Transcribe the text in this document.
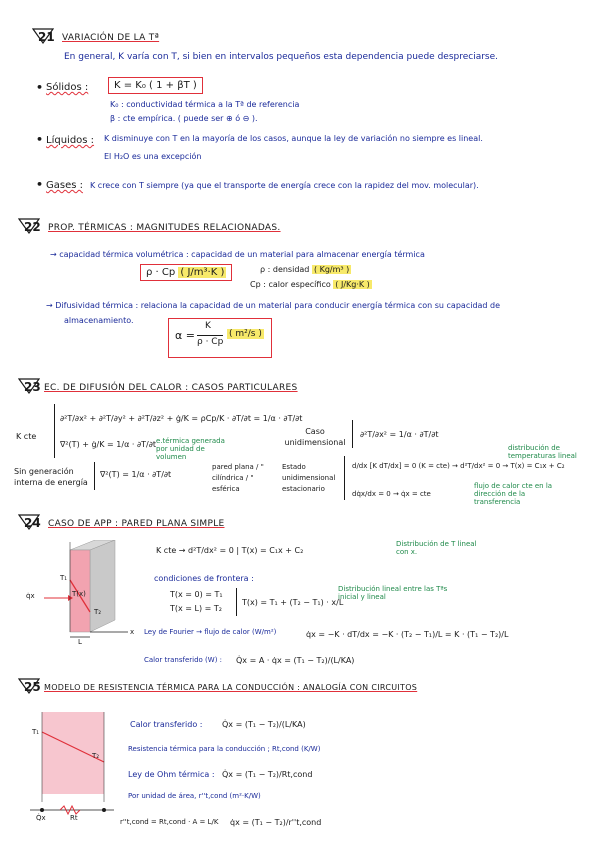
21 VARIACIÓN DE LA Tª
En general, K varía con T, si bien en intervalos pequeños esta dependencia puede despreciarse.
• Sólidos :	K = K₀ ( 1 + βT )
K₀ : conductividad térmica a la Tª de referencia
β : cte empírica. ( puede ser ⊕ ó ⊖ ).
• Líquidos : K disminuye con T en la mayoría de los casos, aunque la ley de variación no siempre es lineal.
El H₂O es una excepción
• Gases : K crece con T siempre (ya que el transporte de energía crece con la rapidez del mov. molecular).
22 PROP. TÉRMICAS : MAGNITUDES RELACIONADAS.
→ capacidad térmica volumétrica : capacidad de un material para almacenar energía térmica
ρ · Cp ( J/m³·K )	ρ : densidad ( Kg/m³ )
Cp : calor específico ( J/Kg·K )
→ Difusividad térmica : relaciona la capacidad de un material para conducir energía térmica con su capacidad de
almacenamiento.
α =
K
ρ · Cp
( m²/s )
23 EC. DE DIFUSIÓN DEL CALOR : CASOS PARTICULARES
K cte
∂²T/∂x² + ∂²T/∂y² + ∂²T/∂z² + ġ/K = ρCp/K · ∂T/∂t = 1/α · ∂T/∂t
∇²(T) + ġ/K = 1/α · ∂T/∂t e.térmica generada por unidad de volumen
Caso unidimensional
∂²T/∂x² = 1/α · ∂T/∂t
distribución de temperaturas lineal
Sin generación interna de energía
∇²(T) = 1/α · ∂T/∂t
pared plana / " cilíndrica / " esférica
Estado unidimensional estacionario
d/dx [K dT/dx] = 0 (K = cte) → d²T/dx² = 0 → T(x) = C₁x + C₂
dq̇x/dx = 0 → q̇x = cte
flujo de calor cte en la dirección de la transferencia
24 CASO DE APP : PARED PLANA SIMPLE
T₁
T(x)
T₂
q̇x
L
x
K cte → d²T/dx² = 0 | T(x) = C₁x + C₂
Distribución de T lineal con x.
condiciones de frontera :
T(x = 0) = T₁
T(x = L) = T₂
T(x) = T₁ + (T₂ − T₁) · x/L
Distribución lineal entre las Tªs inicial y lineal
Ley de Fourier → flujo de calor (W/m²)	q̇x = −K · dT/dx = −K · (T₂ − T₁)/L = K · (T₁ − T₂)/L
Calor transferido (W) : Q̇x = A · q̇x = (T₁ − T₂)/(L/KA)
25 MODELO DE RESISTENCIA TÉRMICA PARA LA CONDUCCIÓN : ANALOGÍA CON CIRCUITOS
T₁
T₂
Q̇x	Rt
Calor transferido : Q̇x = (T₁ − T₂)/(L/KA)
Resistencia térmica para la conducción ; Rt,cond (K/W)
Ley de Ohm térmica : Q̇x = (T₁ − T₂)/Rt,cond
Por unidad de área, r''t,cond (m²·K/W)
r''t,cond = Rt,cond · A = L/K q̇x = (T₁ − T₂)/r''t,cond
